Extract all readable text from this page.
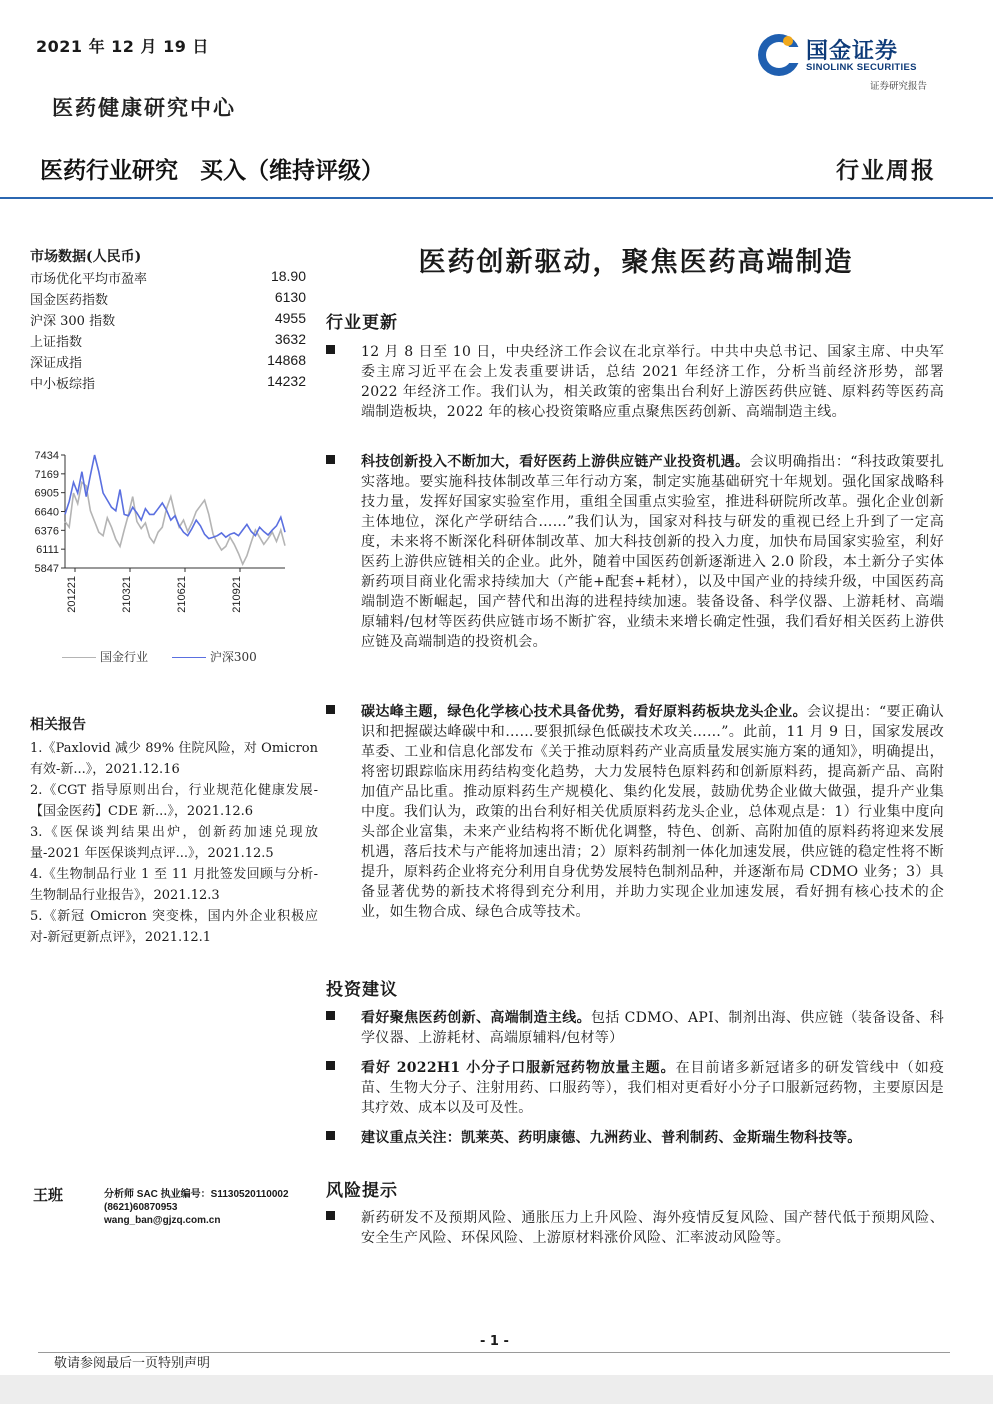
2021 年 12 月 19 日
医药健康研究中心
国金证券
SINOLINK SECURITIES
证券研究报告
医药行业研究 买入（维持评级）	行业周报
市场数据(人民币)
市场优化平均市盈率	18.90
国金医药指数	6130
沪深 300 指数	4955
上证指数	3632
深证成指	14868
中小板综指	14232
7434
7169
6905
6640
6376
6111
5847
201221	210321	210621	210921
国金行业	沪深300
相关报告

1.《Paxlovid 减少 89% 住院风险，对 Omicron 有效-新...》，2021.12.16

2.《CGT 指导原则出台，行业规范化健康发展-【国金医药】CDE 新...》，2021.12.6

3.《医保谈判结果出炉，创新药加速兑现放量-2021 年医保谈判点评...》，2021.12.5

4.《生物制品行业 1 至 11 月批签发回顾与分析-生物制品行业报告》，2021.12.3

5.《新冠 Omicron 突变株，国内外企业积极应对-新冠更新点评》，2021.12.1

王班	分析师 SAC 执业编号：S1130520110002
(8621)60870953
wang_ban@gjzq.com.cn
医药创新驱动，聚焦医药高端制造
行业更新
12 月 8 日至 10 日，中央经济工作会议在北京举行。中共中央总书记、国家主席、中央军委主席习近平在会上发表重要讲话，总结 2021 年经济工作，分析当前经济形势，部署 2022 年经济工作。我们认为，相关政策的密集出台利好上游医药供应链、原料药等医药高端制造板块，2022 年的核心投资策略应重点聚焦医药创新、高端制造主线。
科技创新投入不断加大，看好医药上游供应链产业投资机遇。会议明确指出：“科技政策要扎实落地。要实施科技体制改革三年行动方案，制定实施基础研究十年规划。强化国家战略科技力量，发挥好国家实验室作用，重组全国重点实验室，推进科研院所改革。强化企业创新主体地位，深化产学研结合……”我们认为，国家对科技与研发的重视已经上升到了一定高度，未来将不断深化科研体制改革、加大科技创新的投入力度，加快布局国家实验室，利好医药上游供应链相关的企业。此外，随着中国医药创新逐渐进入 2.0 阶段，本土新分子实体新药项目商业化需求持续加大（产能+配套+耗材），以及中国产业的持续升级，中国医药高端制造不断崛起，国产替代和出海的进程持续加速。装备设备、科学仪器、上游耗材、高端原辅料/包材等医药供应链市场不断扩容，业绩未来增长确定性强，我们看好相关医药上游供应链及高端制造的投资机会。
碳达峰主题，绿色化学核心技术具备优势，看好原料药板块龙头企业。会议提出：“要正确认识和把握碳达峰碳中和……要狠抓绿色低碳技术攻关……”。此前，11 月 9 日，国家发展改革委、工业和信息化部发布《关于推动原料药产业高质量发展实施方案的通知》，明确提出，将密切跟踪临床用药结构变化趋势，大力发展特色原料药和创新原料药，提高新产品、高附加值产品比重。推动原料药生产规模化、集约化发展，鼓励优势企业做大做强，提升产业集中度。我们认为，政策的出台利好相关优质原料药龙头企业，总体观点是：1）行业集中度向头部企业富集，未来产业结构将不断优化调整，特色、创新、高附加值的原料药将迎来发展机遇，落后技术与产能将加速出清；2）原料药制剂一体化加速发展，供应链的稳定性将不断提升，原料药企业将充分利用自身优势发展特色制剂品种，并逐渐布局 CDMO 业务；3）具备显著优势的新技术将得到充分利用，并助力实现企业加速发展，看好拥有核心技术的企业，如生物合成、绿色合成等技术。
投资建议
看好聚焦医药创新、高端制造主线。包括 CDMO、API、制剂出海、供应链（装备设备、科学仪器、上游耗材、高端原辅料/包材等）
看好 2022H1 小分子口服新冠药物放量主题。在目前诸多新冠诸多的研发管线中（如疫苗、生物大分子、注射用药、口服药等），我们相对更看好小分子口服新冠药物，主要原因是其疗效、成本以及可及性。
建议重点关注：凯莱英、药明康德、九洲药业、普利制药、金斯瑞生物科技等。
风险提示
新药研发不及预期风险、通胀压力上升风险、海外疫情反复风险、国产替代低于预期风险、安全生产风险、环保风险、上游原材料涨价风险、汇率波动风险等。
- 1 -
敬请参阅最后一页特别声明
